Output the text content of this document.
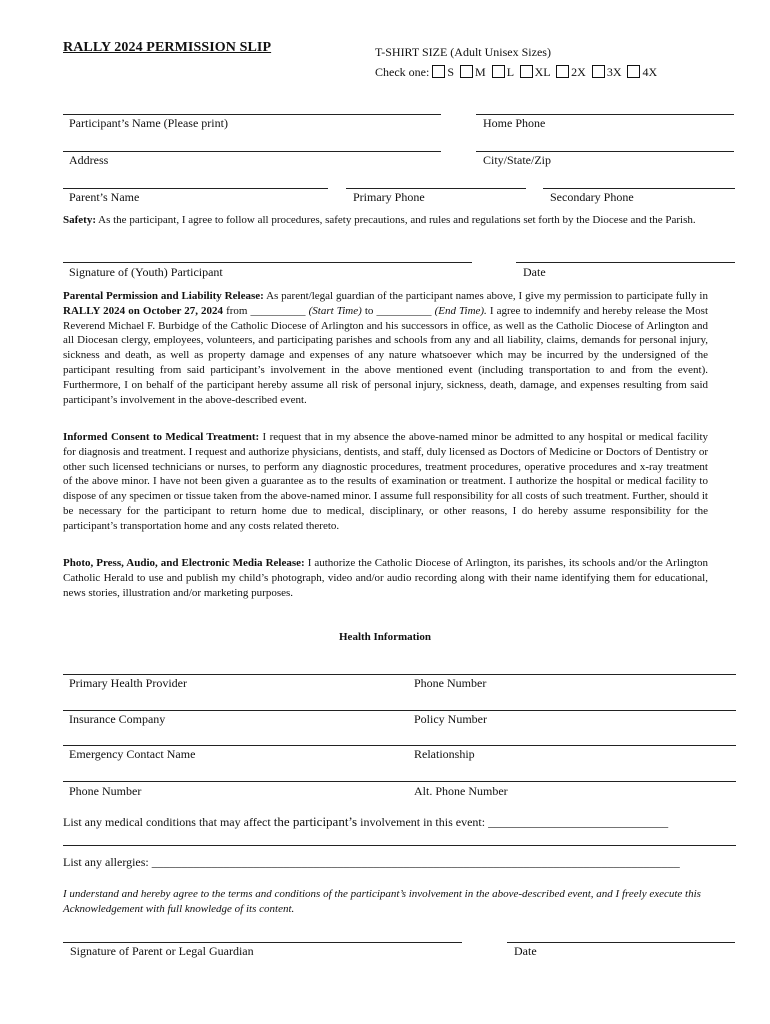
RALLY 2024 PERMISSION SLIP	T-SHIRT SIZE (Adult Unisex Sizes)
Check one: S M L XL 2X 3X 4X
Participant’s Name (Please print)	Home Phone
Address	City/State/Zip
Parent’s Name	Primary Phone	Secondary Phone
Safety: As the participant, I agree to follow all procedures, safety precautions, and rules and regulations set forth by the Diocese and the Parish.
Signature of (Youth) Participant	Date
Parental Permission and Liability Release: As parent/legal guardian of the participant names above, I give my permission to participate fully in RALLY 2024 on October 27, 2024 from __________ (Start Time) to __________ (End Time). I agree to indemnify and hereby release the Most Reverend Michael F. Burbidge of the Catholic Diocese of Arlington and his successors in office, as well as the Catholic Diocese of Arlington and all Diocesan clergy, employees, volunteers, and participating parishes and schools from any and all liability, claims, demands for personal injury, sickness and death, as well as property damage and expenses of any nature whatsoever which may be incurred by the undersigned of the participant resulting from said participant’s involvement in the above mentioned event (including transportation to and from the event). Furthermore, I on behalf of the participant hereby assume all risk of personal injury, sickness, death, damage, and expenses resulting from said participant’s involvement in the above-described event.
Informed Consent to Medical Treatment: I request that in my absence the above-named minor be admitted to any hospital or medical facility for diagnosis and treatment. I request and authorize physicians, dentists, and staff, duly licensed as Doctors of Medicine or Doctors of Dentistry or other such licensed technicians or nurses, to perform any diagnostic procedures, treatment procedures, operative procedures and x-ray treatment of the above minor. I have not been given a guarantee as to the results of examination or treatment. I authorize the hospital or medical facility to dispose of any specimen or tissue taken from the above-named minor. I assume full responsibility for all costs of such treatment. Further, should it be necessary for the participant to return home due to medical, disciplinary, or other reasons, I do hereby assume responsibility for the participant’s transportation home and any costs related thereto.
Photo, Press, Audio, and Electronic Media Release: I authorize the Catholic Diocese of Arlington, its parishes, its schools and/or the Arlington Catholic Herald to use and publish my child’s photograph, video and/or audio recording along with their name identifying them for educational, news stories, illustration and/or marketing purposes.
Health Information
Primary Health Provider	Phone Number
Insurance Company	Policy Number
Emergency Contact Name	Relationship
Phone Number	Alt. Phone Number
List any medical conditions that may affect the participant’s involvement in this event: ______________________________
List any allergies: ________________________________________________________________________________________
I understand and hereby agree to the terms and conditions of the participant’s involvement in the above-described event, and I freely execute this Acknowledgement with full knowledge of its content.
Signature of Parent or Legal Guardian	Date
